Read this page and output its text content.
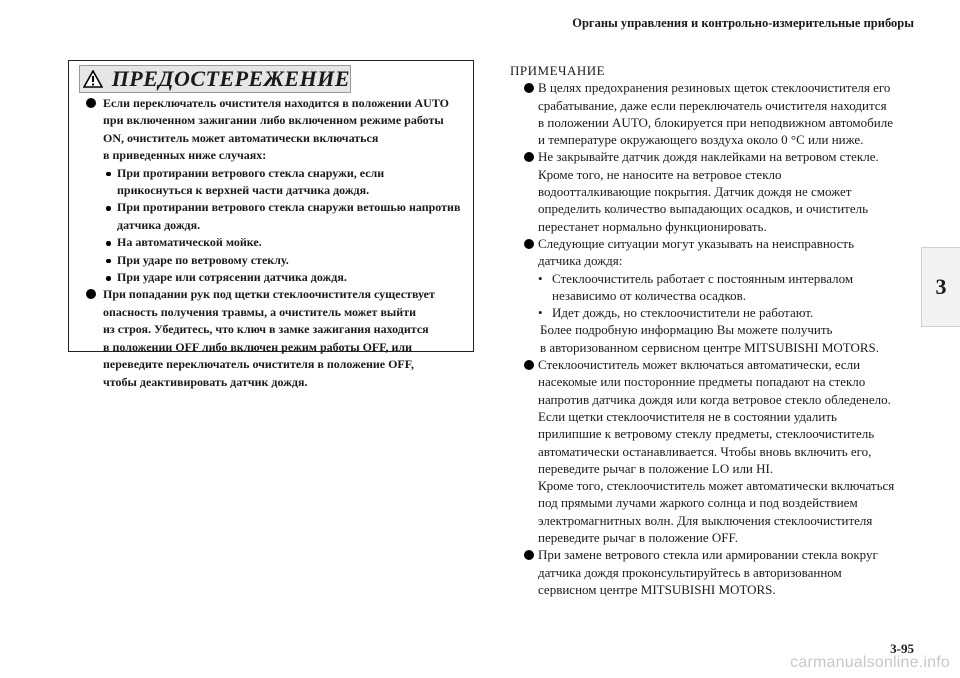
Органы управления и контрольно-измерительные приборы
3
ПРЕДОСТЕРЕЖЕНИЕ
Если переключатель очистителя находится в положении AUTO
при включенном зажигании либо включенном режиме работы
ON, очиститель может автоматически включаться
в приведенных ниже случаях:
При протирании ветрового стекла снаружи, если
прикоснуться к верхней части датчика дождя.
При протирании ветрового стекла снаружи ветошью напротив
датчика дождя.
На автоматической мойке.
При ударе по ветровому стеклу.
При ударе или сотрясении датчика дождя.
При попадании рук под щетки стеклоочистителя существует
опасность получения травмы, а очиститель может выйти
из строя. Убедитесь, что ключ в замке зажигания находится
в положении OFF либо включен режим работы OFF, или
переведите переключатель очистителя в положение OFF,
чтобы деактивировать датчик дождя.
ПРИМЕЧАНИЕ
В целях предохранения резиновых щеток стеклоочистителя его
срабатывание, даже если переключатель очистителя находится
в положении AUTO, блокируется при неподвижном автомобиле
и температуре окружающего воздуха около 0 °C или ниже.
Не закрывайте датчик дождя наклейками на ветровом стекле.
Кроме того, не наносите на ветровое стекло
водоотталкивающие покрытия. Датчик дождя не сможет
определить количество выпадающих осадков, и очиститель
перестанет нормально функционировать.
Следующие ситуации могут указывать на неисправность
датчика дождя:
• Стеклоочиститель работает с постоянным интервалом
независимо от количества осадков.
• Идет дождь, но стеклоочистители не работают.
Более подробную информацию Вы можете получить
в авторизованном сервисном центре MITSUBISHI MOTORS.
Стеклоочиститель может включаться автоматически, если
насекомые или посторонние предметы попадают на стекло
напротив датчика дождя или когда ветровое стекло обледенело.
Если щетки стеклоочистителя не в состоянии удалить
прилипшие к ветровому стеклу предметы, стеклоочиститель
автоматически останавливается. Чтобы вновь включить его,
переведите рычаг в положение LO или HI.
Кроме того, стеклоочиститель может автоматически включаться
под прямыми лучами жаркого солнца и под воздействием
электромагнитных волн. Для выключения стеклоочистителя
переведите рычаг в положение OFF.
При замене ветрового стекла или армировании стекла вокруг
датчика дождя проконсультируйтесь в авторизованном
сервисном центре MITSUBISHI MOTORS.
3-95
carmanualsonline.info
